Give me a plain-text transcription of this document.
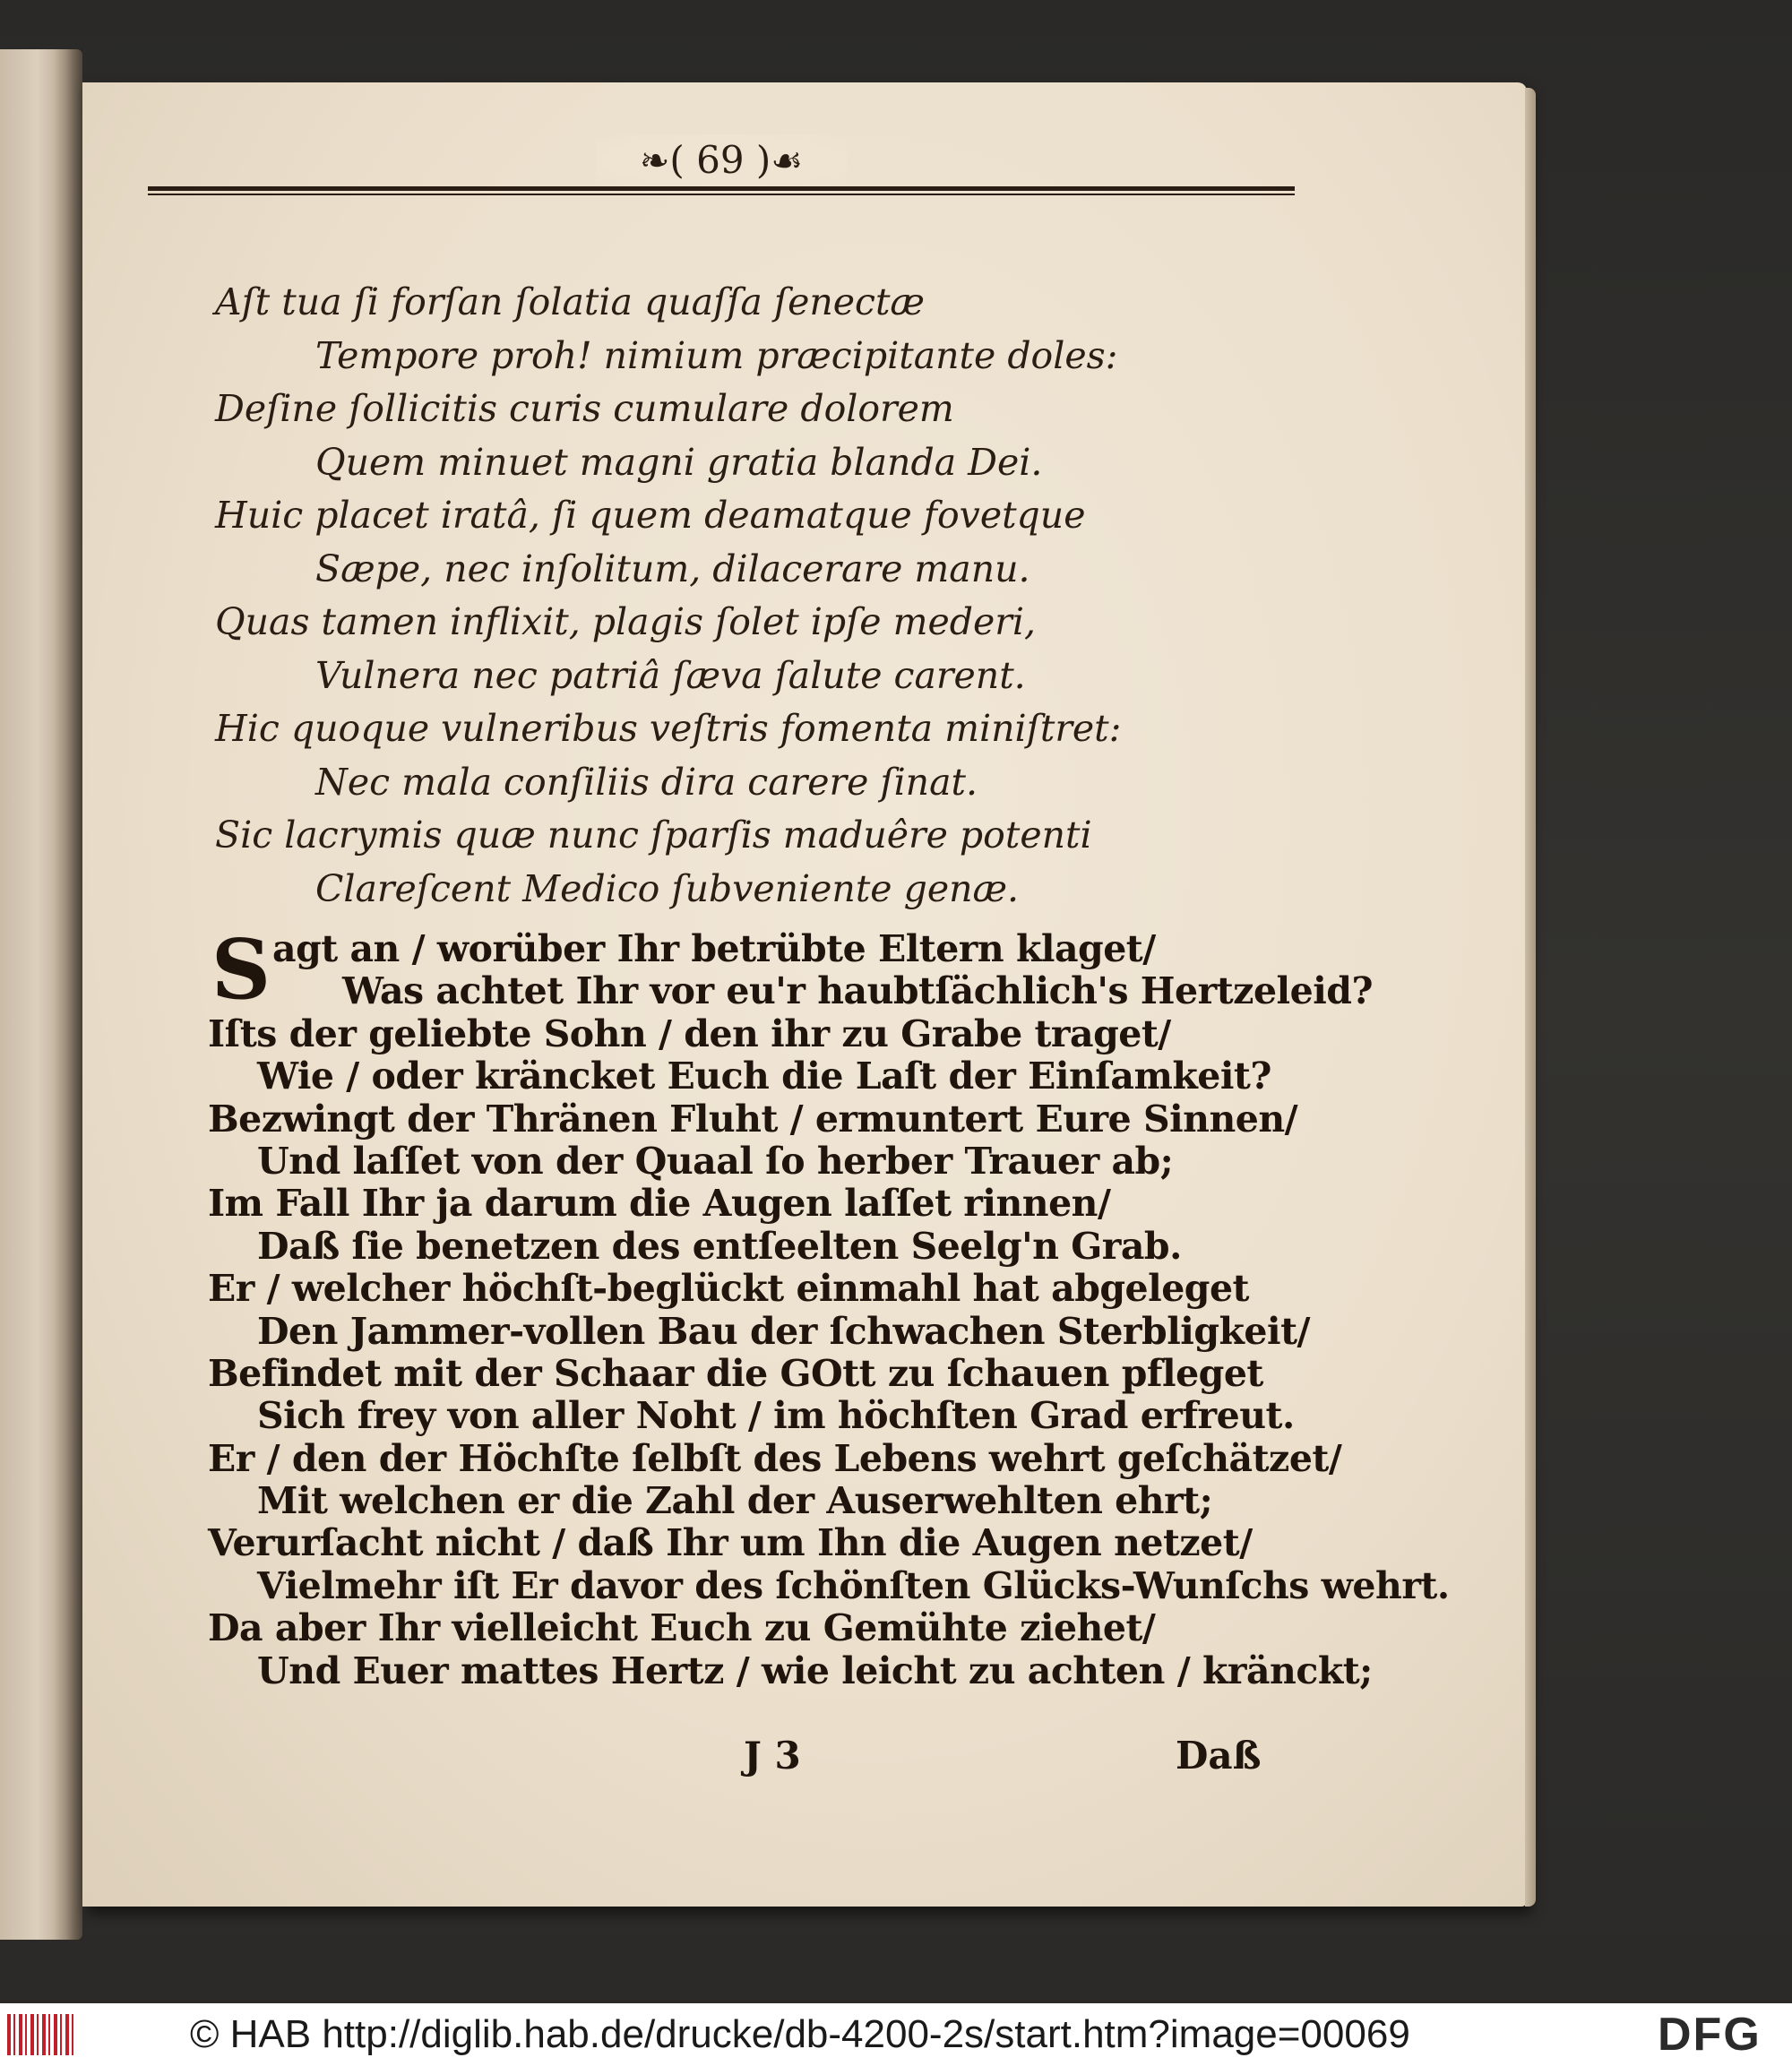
❧( 69 )☙
Aſt tua ſi forſan ſolatia quaſſa ſenectæ
Tempore proh! nimium præcipitante doles:
Deſine ſollicitis curis cumulare dolorem
Quem minuet magni gratia blanda Dei.
Huic placet iratâ, ſi quem deamatque fovetque
Sæpe, nec inſolitum, dilacerare manu.
Quas tamen inflixit, plagis ſolet ipſe mederi,
Vulnera nec patriâ ſæva ſalute carent.
Hic quoque vulneribus veſtris fomenta miniſtret:
Nec mala conſiliis dira carere ſinat.
Sic lacrymis quæ nunc ſparſis maduêre potenti
Clareſcent Medico ſubveniente genæ.
S agt an / worüber Ihr betrübte Eltern klaget/
Was achtet Ihr vor eu'r haubtſächlich's Hertzeleid?
Iſts der geliebte Sohn / den ihr zu Grabe traget/
Wie / oder kräncket Euch die Laſt der Einſamkeit?
Bezwingt der Thränen Fluht / ermuntert Eure Sinnen/
Und laſſet von der Quaal ſo herber Trauer ab;
Im Fall Ihr ja darum die Augen laſſet rinnen/
Daß ſie benetzen des entſeelten Seelg'n Grab.
Er / welcher höchſt-beglückt einmahl hat abgeleget
Den Jammer-vollen Bau der ſchwachen Sterbligkeit/
Befindet mit der Schaar die GOtt zu ſchauen pfleget
Sich frey von aller Noht / im höchſten Grad erfreut.
Er / den der Höchſte ſelbſt des Lebens wehrt geſchätzet/
Mit welchen er die Zahl der Auserwehlten ehrt;
Verurſacht nicht / daß Ihr um Ihn die Augen netzet/
Vielmehr iſt Er davor des ſchönſten Glücks-Wunſchs wehrt.
Da aber Ihr vielleicht Euch zu Gemühte ziehet/
Und Euer mattes Hertz / wie leicht zu achten / kränckt;
J 3	Daß
© HAB http://diglib.hab.de/drucke/db-4200-2s/start.htm?image=00069	DFG
